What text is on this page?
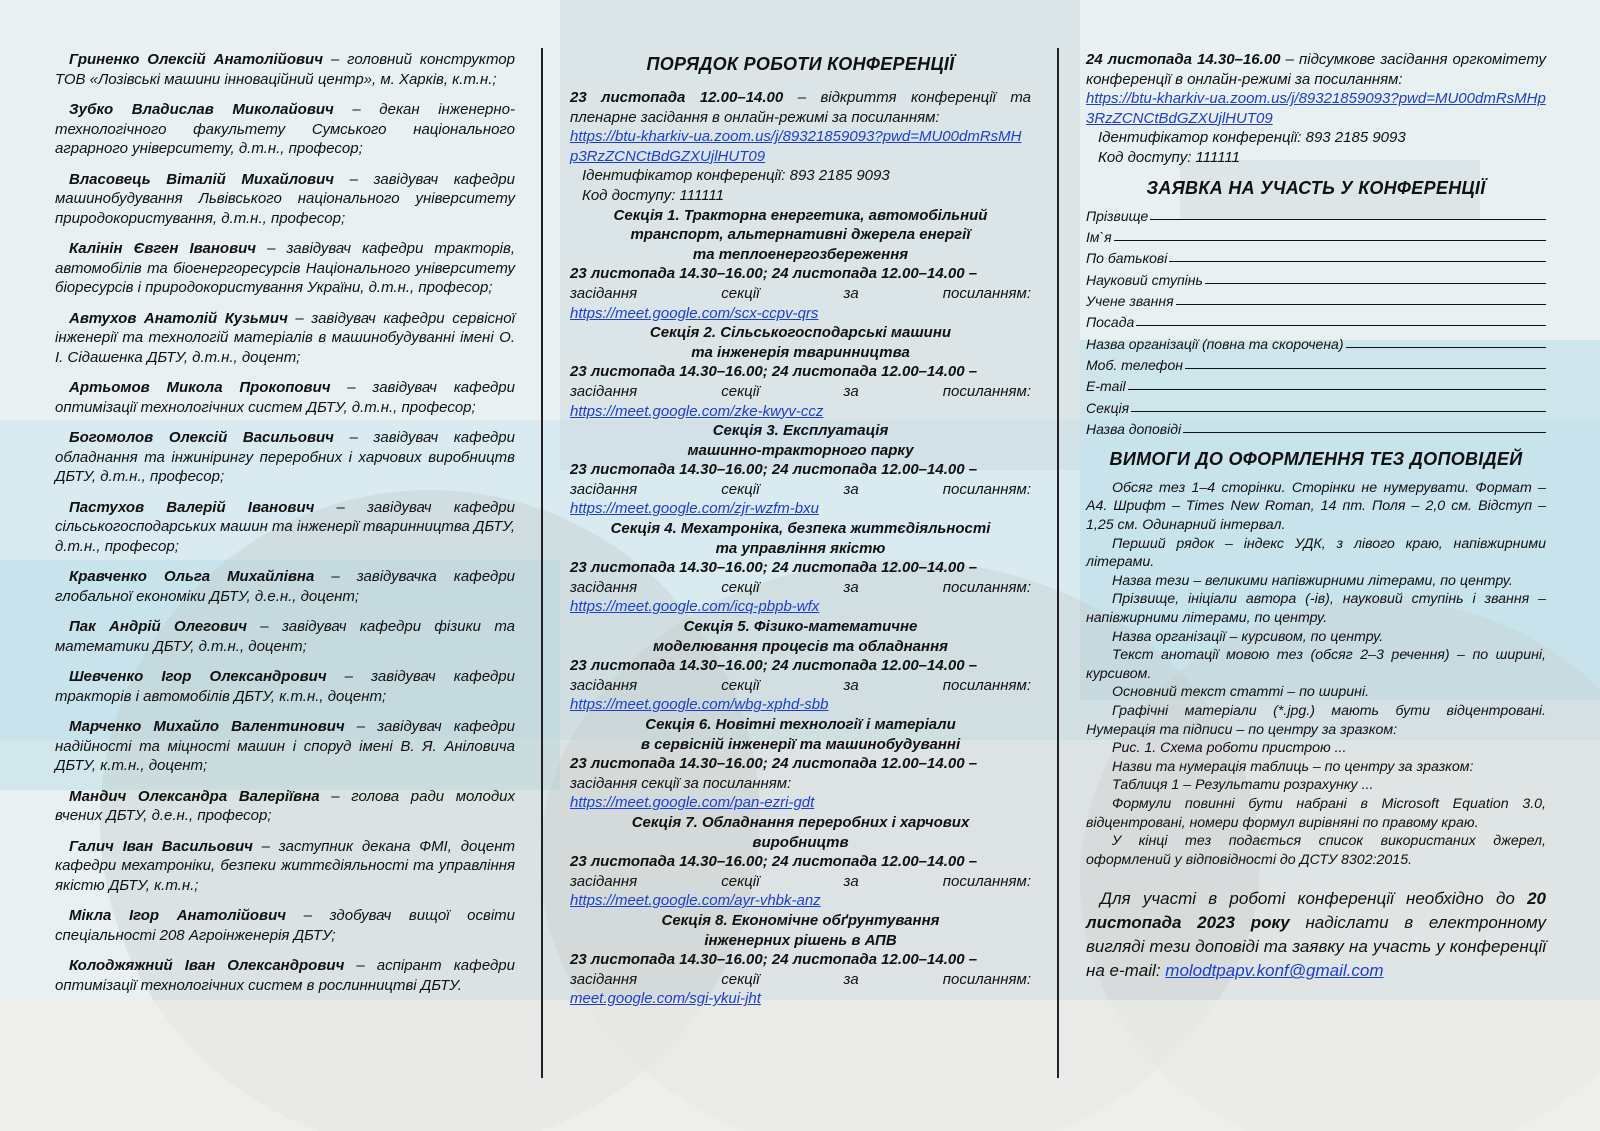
Гриненко Олексій Анатолійович – головний конструктор ТОВ «Лозівські машини інноваційний центр», м. Харків, к.т.н.;

Зубко Владислав Миколайович – декан інженерно-технологічного факультету Сумського національного аграрного університету, д.т.н., професор;

Власовець Віталій Михайлович – завідувач кафедри машинобудування Львівського національного університету природокористування, д.т.н., професор;

Калінін Євген Іванович – завідувач кафедри тракторів, автомобілів та біоенергоресурсів Національного університету біоресурсів і природокористування України, д.т.н., професор;

Автухов Анатолій Кузьмич – завідувач кафедри сервісної інженерії та технологій матеріалів в машинобудуванні імені О. І. Сідашенка ДБТУ, д.т.н., доцент;

Артьомов Микола Прокопович – завідувач кафедри оптимізації технологічних систем ДБТУ, д.т.н., професор;

Богомолов Олексій Васильович – завідувач кафедри обладнання та інжинірингу переробних і харчових виробництв ДБТУ, д.т.н., професор;

Пастухов Валерій Іванович – завідувач кафедри сільськогосподарських машин та інженерії тваринництва ДБТУ, д.т.н., професор;

Кравченко Ольга Михайлівна – завідувачка кафедри глобальної економіки ДБТУ, д.е.н., доцент;

Пак Андрій Олегович – завідувач кафедри фізики та математики ДБТУ, д.т.н., доцент;

Шевченко Ігор Олександрович – завідувач кафедри тракторів і автомобілів ДБТУ, к.т.н., доцент;

Марченко Михайло Валентинович – завідувач кафедри надійності та міцності машин і споруд імені В. Я. Аніловича ДБТУ, к.т.н., доцент;

Мандич Олександра Валеріївна – голова ради молодих вчених ДБТУ, д.е.н., професор;

Галич Іван Васильович – заступник декана ФМІ, доцент кафедри мехатроніки, безпеки життєдіяльності та управління якістю ДБТУ, к.т.н.;

Мікла Ігор Анатолійович – здобувач вищої освіти спеціальності 208 Агроінженерія ДБТУ;

Колоджяжний Іван Олександрович – аспірант кафедри оптимізації технологічних систем в рослинництві ДБТУ.

ПОРЯДОК РОБОТИ КОНФЕРЕНЦІЇ
23 листопада 12.00–14.00 – відкриття конференції та пленарне засідання в онлайн-режимі за посиланням:
https://btu-kharkiv-ua.zoom.us/j/89321859093?pwd=MU00dmRsMHp3RzZCNCtBdGZXUjlHUT09
Ідентифікатор конференції: 893 2185 9093
Код доступу: 111111
Секція 1. Тракторна енергетика, автомобільний
транспорт, альтернативні джерела енергії
та теплоенергозбереження
23 листопада 14.30–16.00; 24 листопада 12.00–14.00 –
засідання секції за посиланням:
https://meet.google.com/scx-ccpv-qrs
Секція 2. Сільськогосподарські машини
та інженерія тваринництва
23 листопада 14.30–16.00; 24 листопада 12.00–14.00 –
засідання секції за посиланням:
https://meet.google.com/zke-kwyv-ccz
Секція 3. Експлуатація
машинно-тракторного парку
23 листопада 14.30–16.00; 24 листопада 12.00–14.00 –
засідання секції за посиланням:
https://meet.google.com/zjr-wzfm-bxu
Секція 4. Мехатроніка, безпека життєдіяльності
та управління якістю
23 листопада 14.30–16.00; 24 листопада 12.00–14.00 –
засідання секції за посиланням:
https://meet.google.com/icq-pbpb-wfx
Секція 5. Фізико-математичне
моделювання процесів та обладнання
23 листопада 14.30–16.00; 24 листопада 12.00–14.00 –
засідання секції за посиланням:
https://meet.google.com/wbg-xphd-sbb
Секція 6. Новітні технології і матеріали
в сервісній інженерії та машинобудуванні
23 листопада 14.30–16.00; 24 листопада 12.00–14.00 –
засідання секції за посиланням:
https://meet.google.com/pan-ezri-gdt
Секція 7. Обладнання переробних і харчових
виробництв
23 листопада 14.30–16.00; 24 листопада 12.00–14.00 –
засідання секції за посиланням:
https://meet.google.com/ayr-vhbk-anz
Секція 8. Економічне обґрунтування
інженерних рішень в АПВ
23 листопада 14.30–16.00; 24 листопада 12.00–14.00 –
засідання секції за посиланням:
meet.google.com/sgi-ykui-jht
24 листопада 14.30–16.00 – підсумкове засідання оргкомітету конференції в онлайн-режимі за посиланням:
https://btu-kharkiv-ua.zoom.us/j/89321859093?pwd=MU00dmRsMHp3RzZCNCtBdGZXUjlHUT09
Ідентифікатор конференції: 893 2185 9093
Код доступу: 111111
ЗАЯВКА НА УЧАСТЬ У КОНФЕРЕНЦІЇ
Прізвище
Ім`я
По батькові
Науковий ступінь
Учене звання
Посада
Назва організації (повна та скорочена)
Моб. телефон
E-mail
Секція
Назва доповіді
ВИМОГИ ДО ОФОРМЛЕННЯ ТЕЗ ДОПОВІДЕЙ

Обсяг тез 1–4 сторінки. Сторінки не нумерувати. Формат – А4. Шрифт – Times New Roman, 14 пт. Поля – 2,0 см. Відступ – 1,25 см. Одинарний інтервал.

Перший рядок – індекс УДК, з лівого краю, напівжирними літерами.

Назва тези – великими напівжирними літерами, по центру.

Прізвище, ініціали автора (-ів), науковий ступінь і звання – напівжирними літерами, по центру.

Назва організації – курсивом, по центру.

Текст анотації мовою тез (обсяг 2–3 речення) – по ширині, курсивом.

Основний текст статті – по ширині.

Графічні матеріали (*.jpg.) мають бути відцентровані. Нумерація та підписи – по центру за зразком:

Рис. 1. Схема роботи пристрою ...

Назви та нумерація таблиць – по центру за зразком:

Таблиця 1 – Результати розрахунку ...

Формули повинні бути набрані в Microsoft Equation 3.0, відцентровані, номери формул вирівняні по правому краю.

У кінці тез подається список використаних джерел, оформлений у відповідності до ДСТУ 8302:2015.

Для участі в роботі конференції необхідно до 20 листопада 2023 року надіслати в електронному вигляді тези доповіді та заявку на участь у конференції на e-mail: molodtpapv.konf@gmail.com
